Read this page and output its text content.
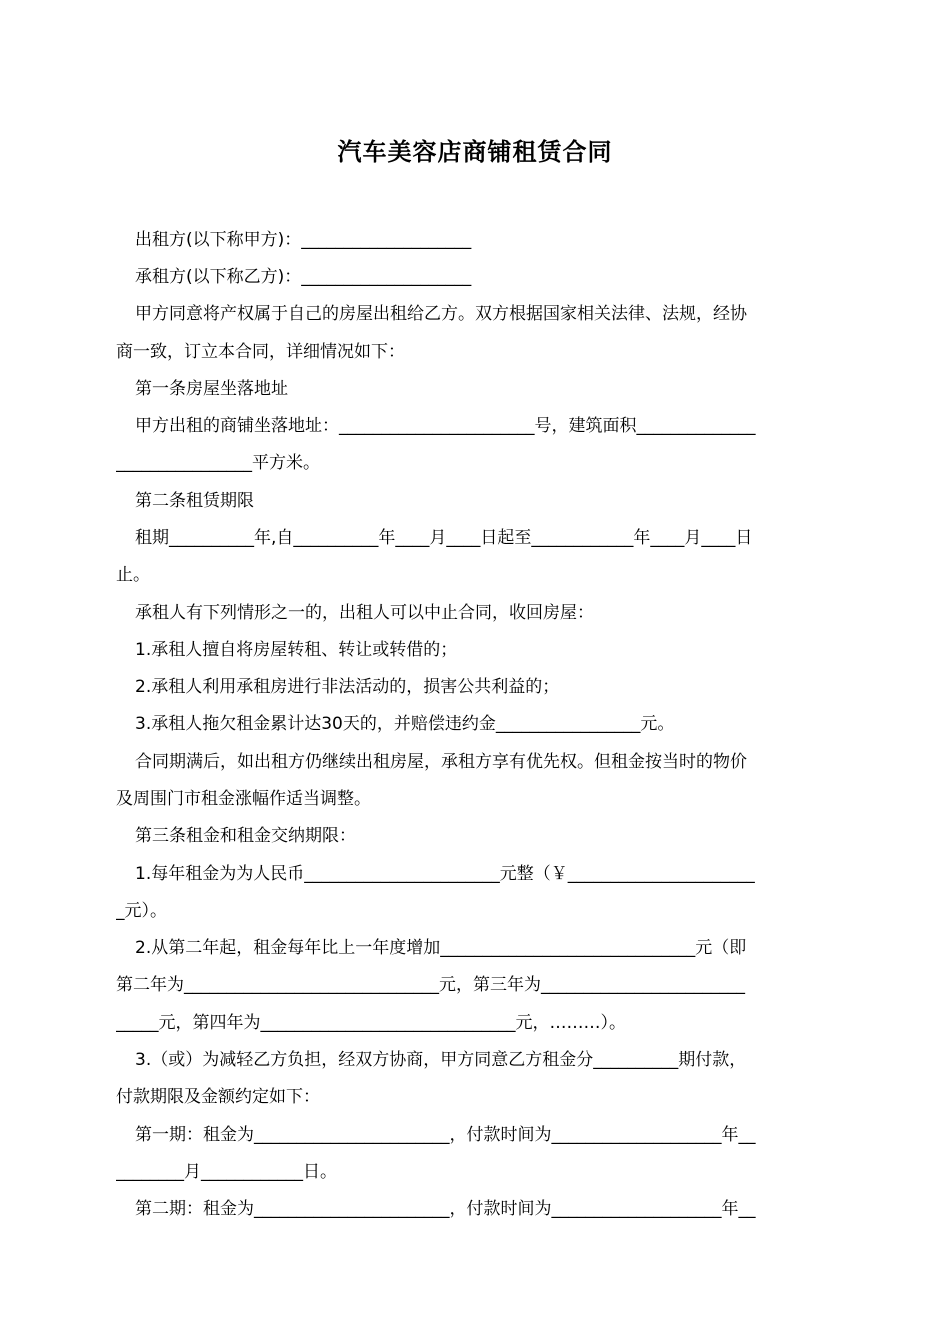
汽车美容店商铺租赁合同
出租方(以下称甲方)：____________________
承租方(以下称乙方)：____________________
甲方同意将产权属于自己的房屋出租给乙方。双方根据国家相关法律、法规，经协
商一致，订立本合同，详细情况如下：
第一条房屋坐落地址
甲方出租的商铺坐落地址：_______________________号，建筑面积______________
________________平方米。
第二条租赁期限
租期__________年,自__________年____月____日起至____________年____月____日
止。
承租人有下列情形之一的，出租人可以中止合同，收回房屋：
1.承租人擅自将房屋转租、转让或转借的；
2.承租人利用承租房进行非法活动的，损害公共利益的；
3.承租人拖欠租金累计达30天的，并赔偿违约金_________________元。
合同期满后，如出租方仍继续出租房屋，承租方享有优先权。但租金按当时的物价
及周围门市租金涨幅作适当调整。
第三条租金和租金交纳期限：
1.每年租金为为人民币_______________________元整（￥______________________
_元）。
2.从第二年起，租金每年比上一年度增加______________________________元（即
第二年为______________________________元，第三年为________________________
_____元，第四年为______________________________元，………）。
3.（或）为减轻乙方负担，经双方协商，甲方同意乙方租金分__________期付款，
付款期限及金额约定如下：
第一期：租金为_______________________，付款时间为____________________年__
________月____________日。
第二期：租金为_______________________，付款时间为____________________年__
